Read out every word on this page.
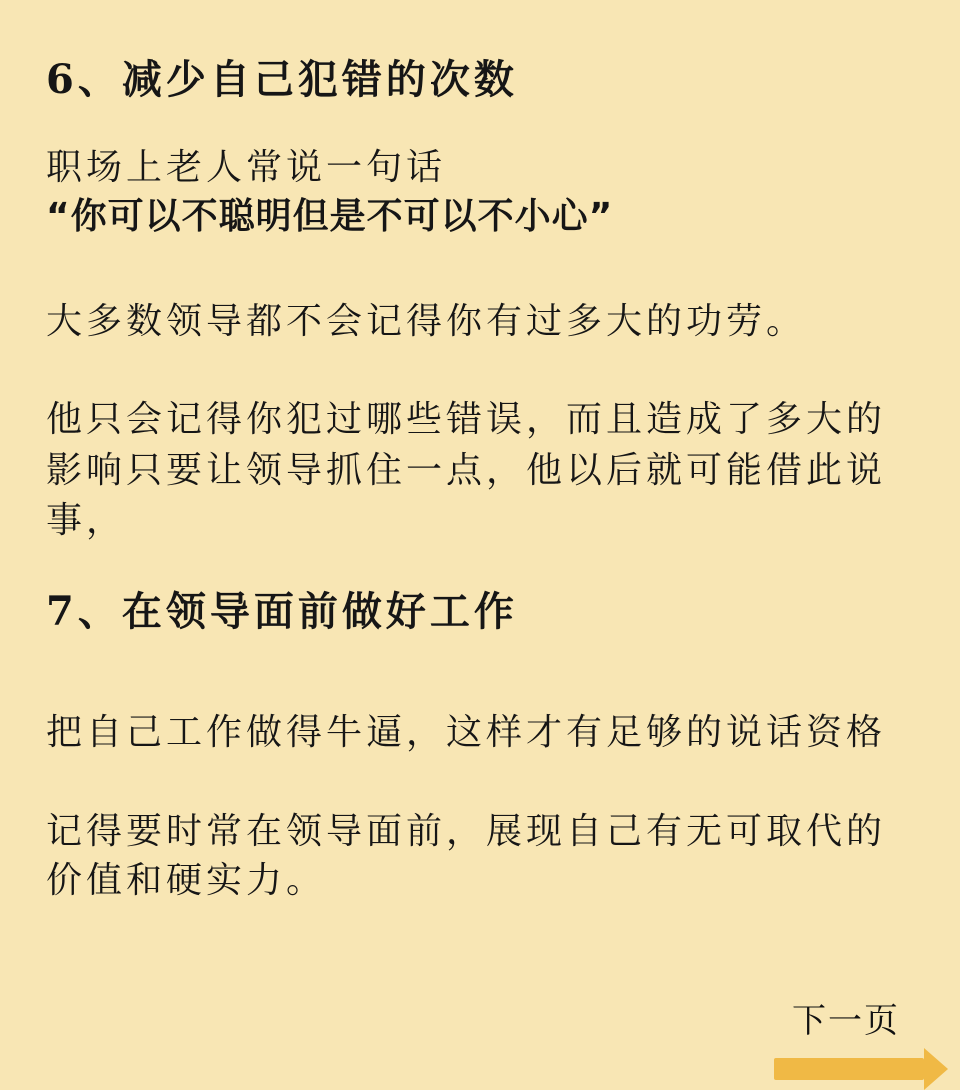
6、减少自己犯错的次数
职场上老人常说一句话
“你可以不聪明但是不可以不小心”
大多数领导都不会记得你有过多大的功劳。
他只会记得你犯过哪些错误，而且造成了多大的
影响只要让领导抓住一点，他以后就可能借此说
事，
7、在领导面前做好工作
把自己工作做得牛逼，这样才有足够的说话资格
记得要时常在领导面前，展现自己有无可取代的
价值和硬实力。
下一页
